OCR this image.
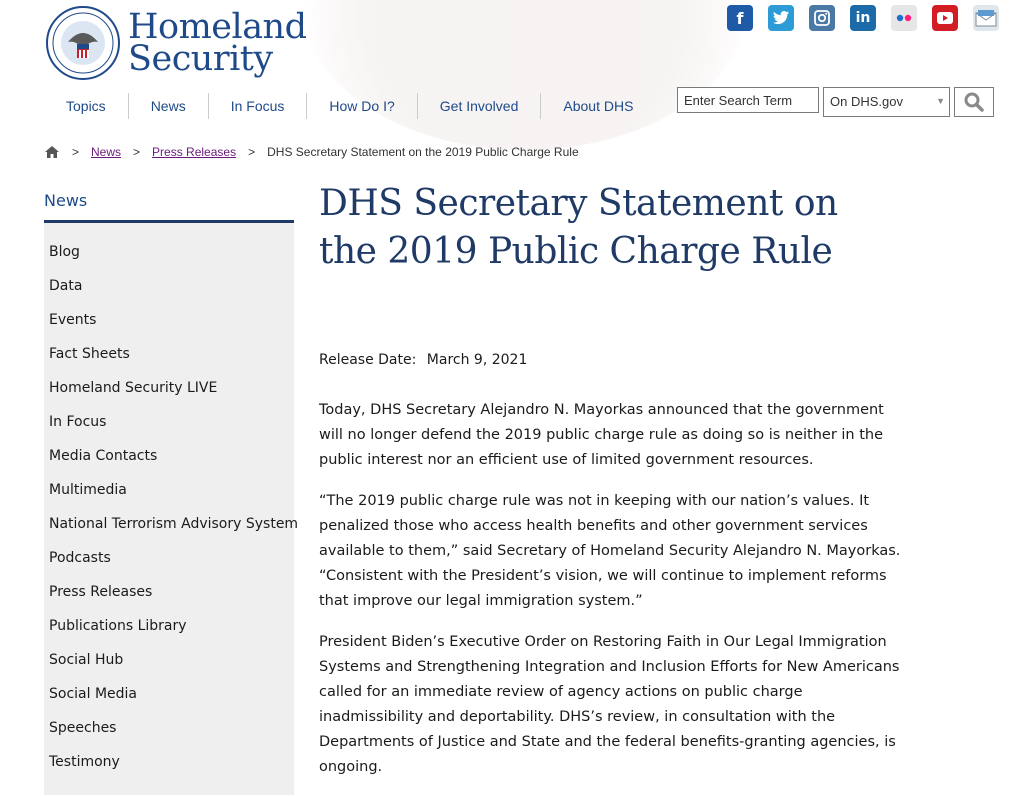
Homeland
Security
f	in
Topics	News	In Focus	How Do I?	Get Involved	About DHS
Enter Search Term	On DHS.gov	▼
> News > Press Releases > DHS Secretary Statement on the 2019 Public Charge Rule
News
Blog
Data
Events
Fact Sheets
Homeland Security LIVE
In Focus
Media Contacts
Multimedia
National Terrorism Advisory System
Podcasts
Press Releases
Publications Library
Social Hub
Social Media
Speeches
Testimony
DHS Secretary Statement on the 2019 Public Charge Rule
Release Date: March 9, 2021

Today, DHS Secretary Alejandro N. Mayorkas announced that the government will no longer defend the 2019 public charge rule as doing so is neither in the public interest nor an efficient use of limited government resources.

“The 2019 public charge rule was not in keeping with our nation’s values. It penalized those who access health benefits and other government services available to them,” said Secretary of Homeland Security Alejandro N. Mayorkas. “Consistent with the President’s vision, we will continue to implement reforms that improve our legal immigration system.”

President Biden’s Executive Order on Restoring Faith in Our Legal Immigration Systems and Strengthening Integration and Inclusion Efforts for New Americans called for an immediate review of agency actions on public charge inadmissibility and deportability. DHS’s review, in consultation with the Departments of Justice and State and the federal benefits-granting agencies, is ongoing.
